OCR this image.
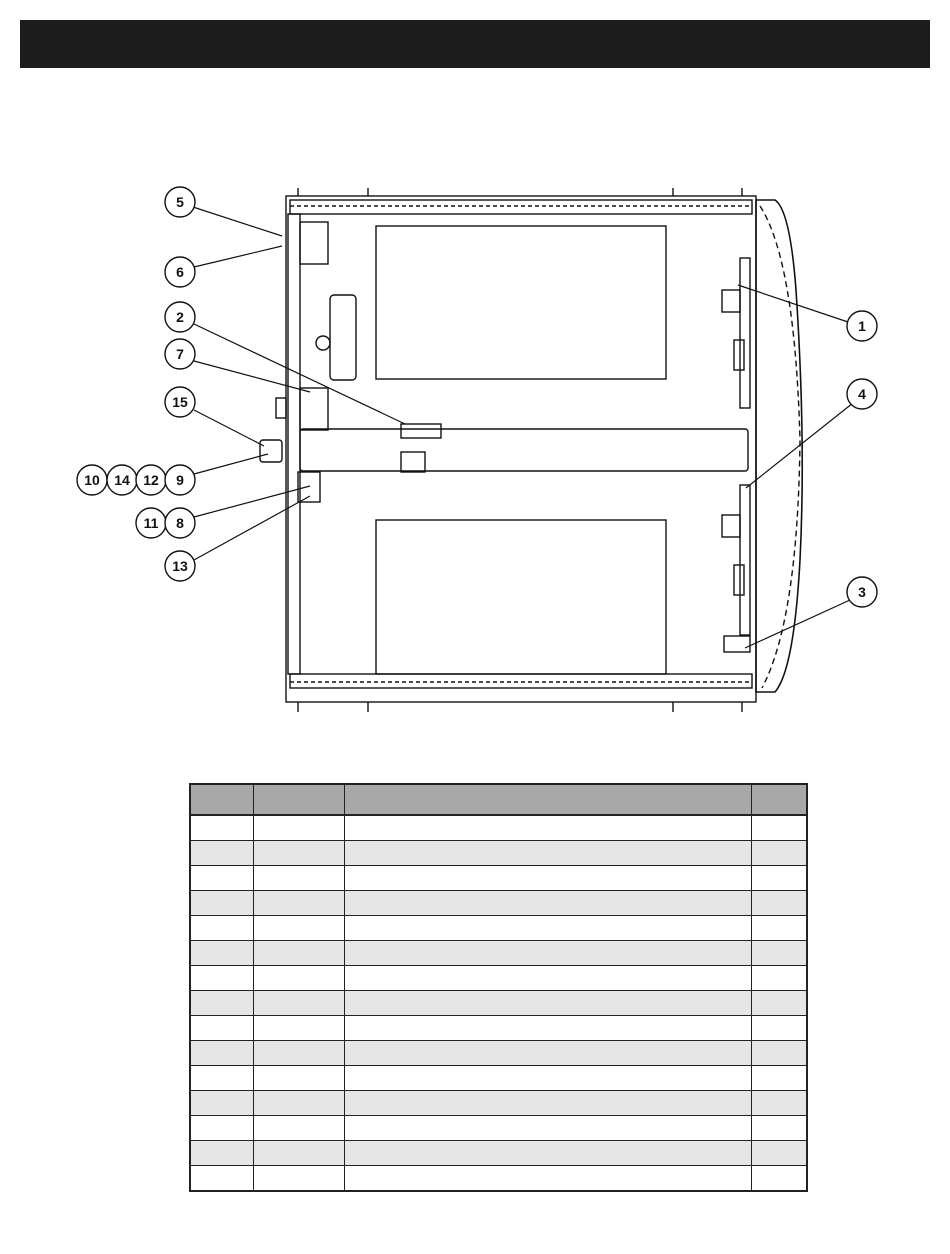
5
6
2
7
15
10 14 12 9
11 8
13
1
4
3
